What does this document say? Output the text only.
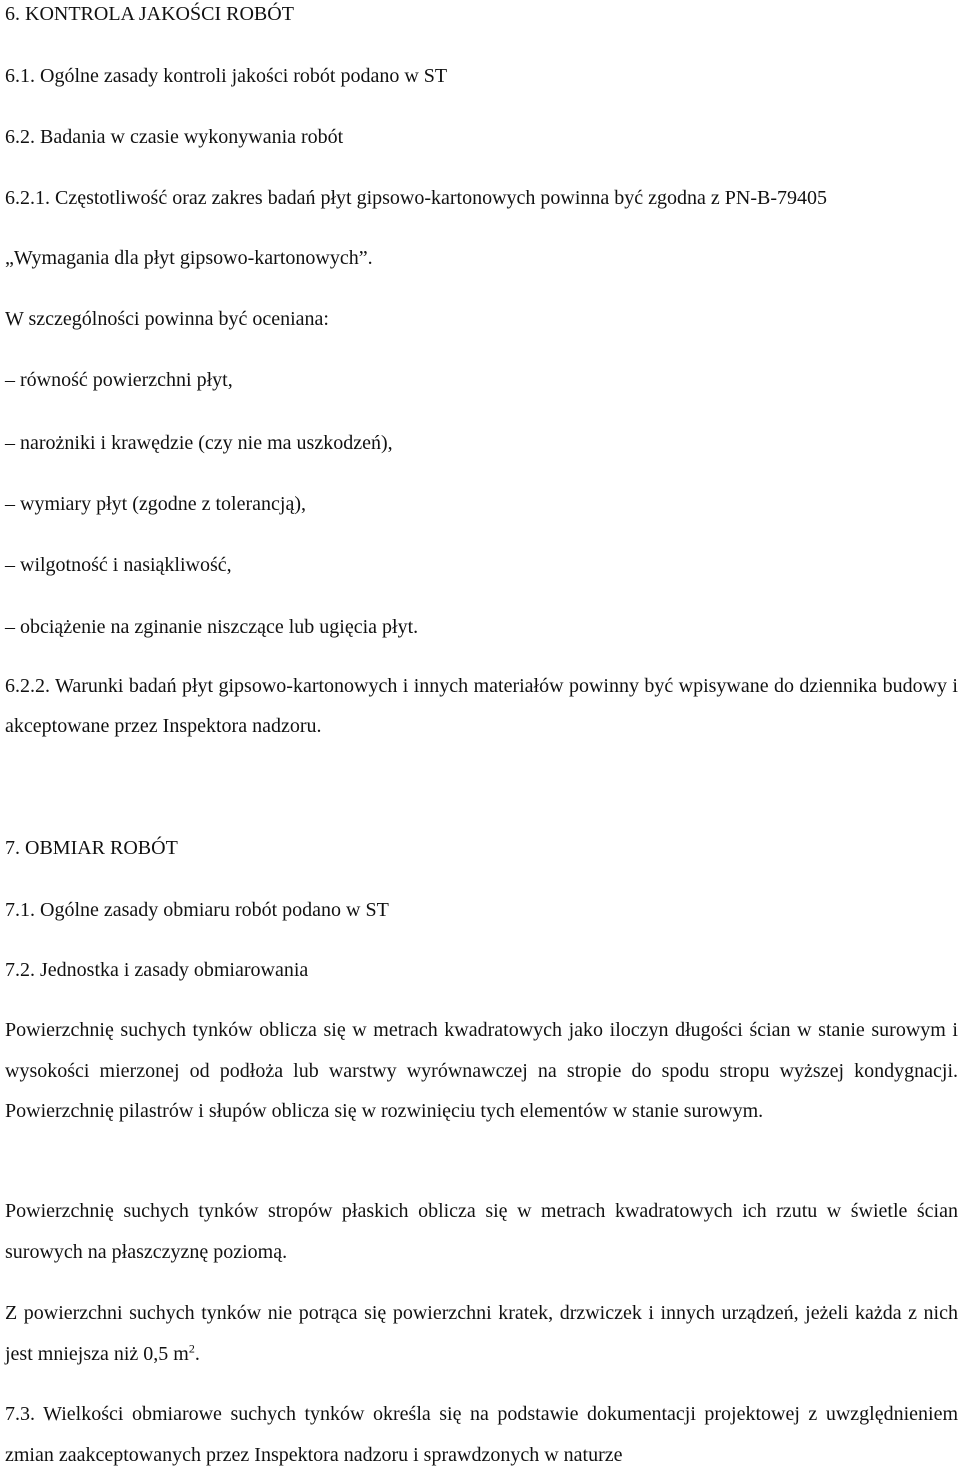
6. KONTROLA JAKOŚCI ROBÓT
6.1. Ogólne zasady kontroli jakości robót podano w ST
6.2. Badania w czasie wykonywania robót
6.2.1. Częstotliwość oraz zakres badań płyt gipsowo-kartonowych powinna być zgodna z PN-B-79405
„Wymagania dla płyt gipsowo-kartonowych”.
W szczególności powinna być oceniana:
– równość powierzchni płyt,
– narożniki i krawędzie (czy nie ma uszkodzeń),
– wymiary płyt (zgodne z tolerancją),
– wilgotność i nasiąkliwość,
– obciążenie na zginanie niszczące lub ugięcia płyt.

6.2.2. Warunki badań płyt gipsowo-kartonowych i innych materiałów powinny być wpisywane do dziennika budowy i akceptowane przez Inspektora nadzoru.

7. OBMIAR ROBÓT
7.1. Ogólne zasady obmiaru robót podano w ST
7.2. Jednostka i zasady obmiarowania

Powierzchnię suchych tynków oblicza się w metrach kwadratowych jako iloczyn długości ścian w stanie surowym i wysokości mierzonej od podłoża lub warstwy wyrównawczej na stropie do spodu stropu wyższej kondygnacji. Powierzchnię pilastrów i słupów oblicza się w rozwinięciu tych elementów w stanie surowym.

Powierzchnię suchych tynków stropów płaskich oblicza się w metrach kwadratowych ich rzutu w świetle ścian surowych na płaszczyznę poziomą.

Z powierzchni suchych tynków nie potrąca się powierzchni kratek, drzwiczek i innych urządzeń, jeżeli każda z nich jest mniejsza niż 0,5 $m^2$.

7.3. Wielkości obmiarowe suchych tynków określa się na podstawie dokumentacji projektowej z uwzględnieniem zmian zaakceptowanych przez Inspektora nadzoru i sprawdzonych w naturze
